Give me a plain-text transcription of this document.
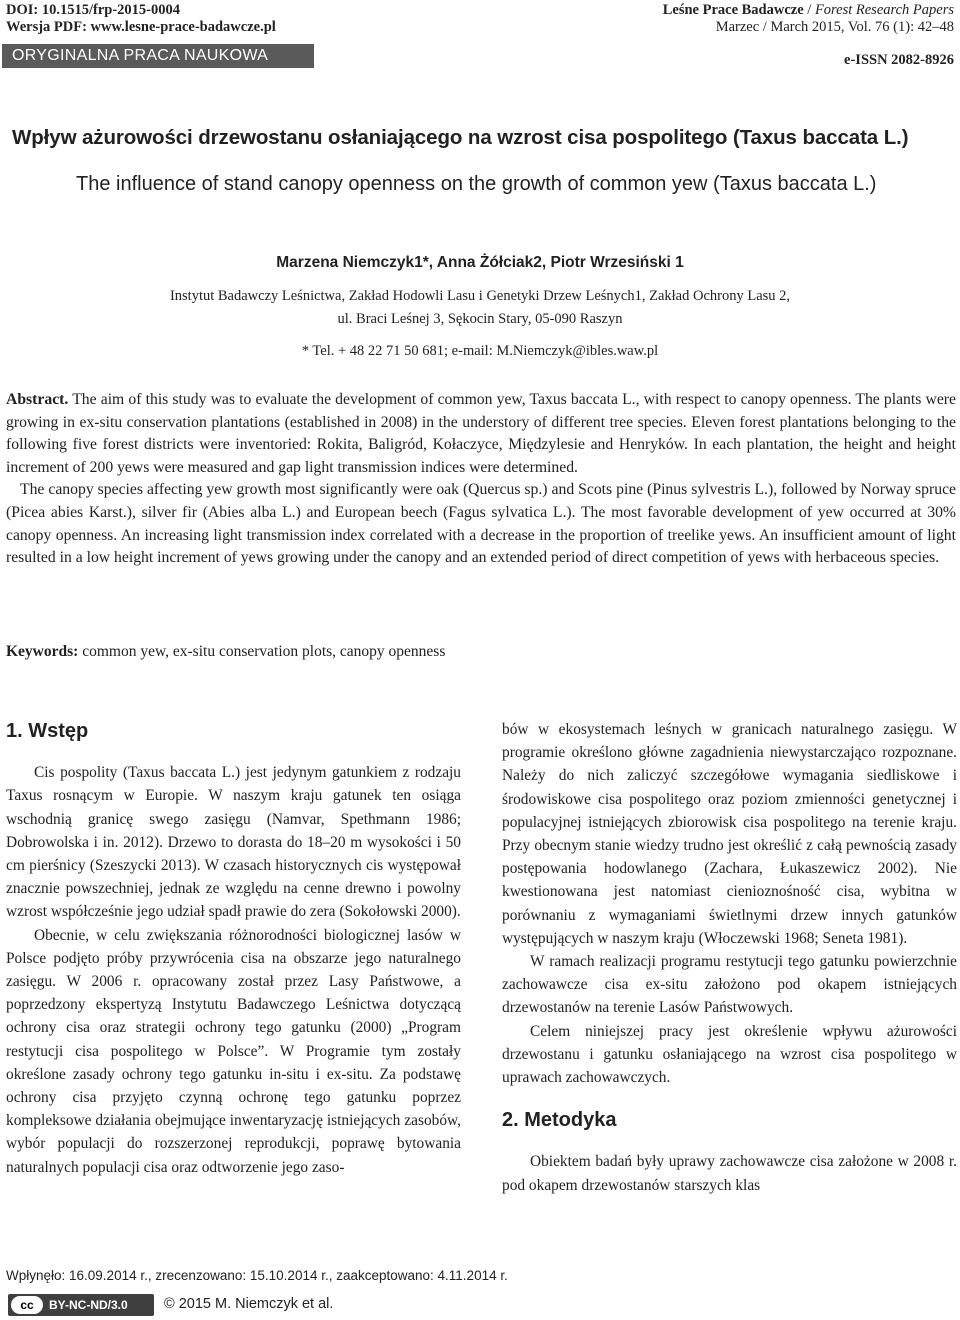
DOI: 10.1515/frp-2015-0004
Wersja PDF: www.lesne-prace-badawcze.pl
Leśne Prace Badawcze / Forest Research Papers
Marzec / March 2015, Vol. 76 (1): 42–48
ORYGINALNA PRACA NAUKOWA	e-ISSN 2082-8926
Wpływ ażurowości drzewostanu osłaniającego na wzrost cisa pospolitego (Taxus baccata L.)
The influence of stand canopy openness on the growth of common yew (Taxus baccata L.)
Marzena Niemczyk1*, Anna Żółciak2, Piotr Wrzesiński 1
Instytut Badawczy Leśnictwa, Zakład Hodowli Lasu i Genetyki Drzew Leśnych1, Zakład Ochrony Lasu 2,
ul. Braci Leśnej 3, Sękocin Stary, 05-090 Raszyn
* Tel. + 48 22 71 50 681; e-mail: M.Niemczyk@ibles.waw.pl

Abstract. The aim of this study was to evaluate the development of common yew, Taxus baccata L., with respect to canopy openness. The plants were growing in ex-situ conservation plantations (established in 2008) in the understory of different tree species. Eleven forest plantations belonging to the following five forest districts were inventoried: Rokita, Baligród, Kołaczyce, Międzylesie and Henryków. In each plantation, the height and height increment of 200 yews were measured and gap light transmission indices were determined.

The canopy species affecting yew growth most significantly were oak (Quercus sp.) and Scots pine (Pinus sylvestris L.), followed by Norway spruce (Picea abies Karst.), silver fir (Abies alba L.) and European beech (Fagus sylvatica L.). The most favorable development of yew occurred at 30% canopy openness. An increasing light transmission index correlated with a decrease in the proportion of treelike yews. An insufficient amount of light resulted in a low height increment of yews growing under the canopy and an extended period of direct competition of yews with herbaceous species.

Keywords: common yew, ex-situ conservation plots, canopy openness
1. Wstęp

Cis pospolity (Taxus baccata L.) jest jedynym gatunkiem z rodzaju Taxus rosnącym w Europie. W naszym kraju gatunek ten osiąga wschodnią granicę swego zasięgu (Namvar, Spethmann 1986; Dobrowolska i in. 2012). Drzewo to dorasta do 18–20 m wysokości i 50 cm pierśnicy (Szeszycki 2013). W czasach historycznych cis występował znacznie powszechniej, jednak ze względu na cenne drewno i powolny wzrost współcześnie jego udział spadł prawie do zera (Sokołowski 2000).

Obecnie, w celu zwiększania różnorodności biologicznej lasów w Polsce podjęto próby przywrócenia cisa na obszarze jego naturalnego zasięgu. W 2006 r. opracowany został przez Lasy Państwowe, a poprzedzony ekspertyzą Instytutu Badawczego Leśnictwa dotyczącą ochrony cisa oraz strategii ochrony tego gatunku (2000) „Program restytucji cisa pospolitego w Polsce”. W Programie tym zostały określone zasady ochrony tego gatunku in-situ i ex-situ. Za podstawę ochrony cisa przyjęto czynną ochronę tego gatunku poprzez kompleksowe działania obejmujące inwentaryzację istniejących zasobów, wybór populacji do rozszerzonej reprodukcji, poprawę bytowania naturalnych populacji cisa oraz odtworzenie jego zaso-

bów w ekosystemach leśnych w granicach naturalnego zasięgu. W programie określono główne zagadnienia niewystarczająco rozpoznane. Należy do nich zaliczyć szczegółowe wymagania siedliskowe i środowiskowe cisa pospolitego oraz poziom zmienności genetycznej i populacyjnej istniejących zbiorowisk cisa pospolitego na terenie kraju. Przy obecnym stanie wiedzy trudno jest określić z całą pewnością zasady postępowania hodowlanego (Zachara, Łukaszewicz 2002). Nie kwestionowana jest natomiast cienioznośność cisa, wybitna w porównaniu z wymaganiami świetlnymi drzew innych gatunków występujących w naszym kraju (Włoczewski 1968; Seneta 1981).

W ramach realizacji programu restytucji tego gatunku powierzchnie zachowawcze cisa ex-situ założono pod okapem istniejących drzewostanów na terenie Lasów Państwowych.

Celem niniejszej pracy jest określenie wpływu ażurowości drzewostanu i gatunku osłaniającego na wzrost cisa pospolitego w uprawach zachowawczych.

2. Metodyka

Obiektem badań były uprawy zachowawcze cisa założone w 2008 r. pod okapem drzewostanów starszych klas

Wpłynęło: 16.09.2014 r., zrecenzowano: 15.10.2014 r., zaakceptowano: 4.11.2014 r.
cc	BY-NC-ND/3.0	© 2015 M. Niemczyk et al.
